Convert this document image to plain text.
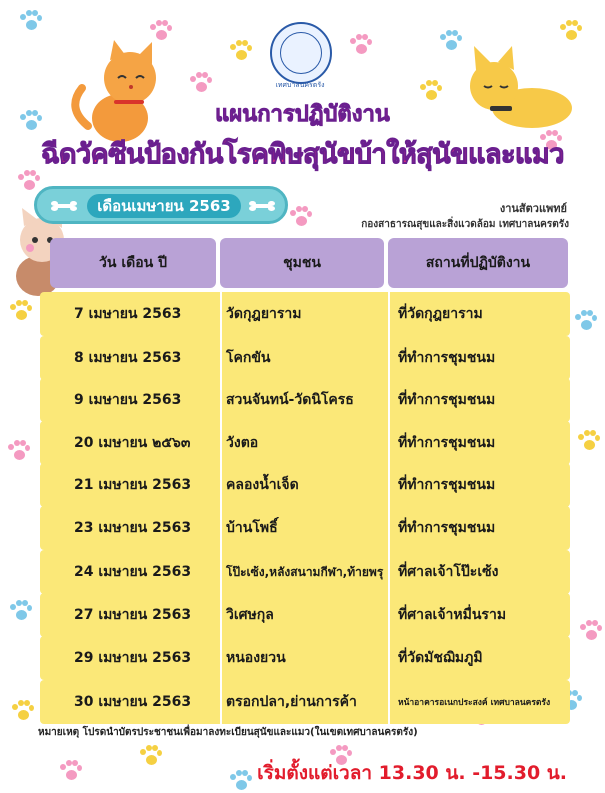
เทศบาลนครตรัง
แผนการปฏิบัติงาน
ฉีดวัคซีนป้องกันโรคพิษสุนัขบ้าให้สุนัขและแมว
เดือนเมษายน 2563	งานสัตวแพทย์
กองสาธารณสุขและสิ่งแวดล้อม เทศบาลนครตรัง
วัน เดือน ปี	ชุมชน	สถานที่ปฏิบัติงาน
7 เมษายน 2563	วัดกุฎยาราม	ที่วัดกุฎยาราม
8 เมษายน 2563	โคกขัน	ที่ทำการชุมชนม
9 เมษายน 2563	สวนจันทน์-วัดนิโครธ	ที่ทำการชุมชนม
20 เมษายน ๒๕๖๓	วังตอ	ที่ทำการชุมชนม
21 เมษายน 2563	คลองน้ำเจ็ด	ที่ทำการชุมชนม
23 เมษายน 2563	บ้านโพธิ์	ที่ทำการชุมชนม
24 เมษายน 2563	โป๊ะเซ้ง,หลังสนามกีฬา,ท้ายพรุ	ที่ศาลเจ้าโป๊ะเซ้ง
27 เมษายน 2563	วิเศษกุล	ที่ศาลเจ้าหมื่นราม
29 เมษายน 2563	หนองยวน	ที่วัดมัชฌิมภูมิ
30 เมษายน 2563	ตรอกปลา,ย่านการค้า	หน้าอาคารอเนกประสงค์ เทศบาลนครตรัง
หมายเหตุ โปรดนำบัตรประชาชนเพื่อมาลงทะเบียนสุนัขและแมว(ในเขตเทศบาลนครตรัง)
เริ่มตั้งแต่เวลา 13.30 น. -15.30 น.
